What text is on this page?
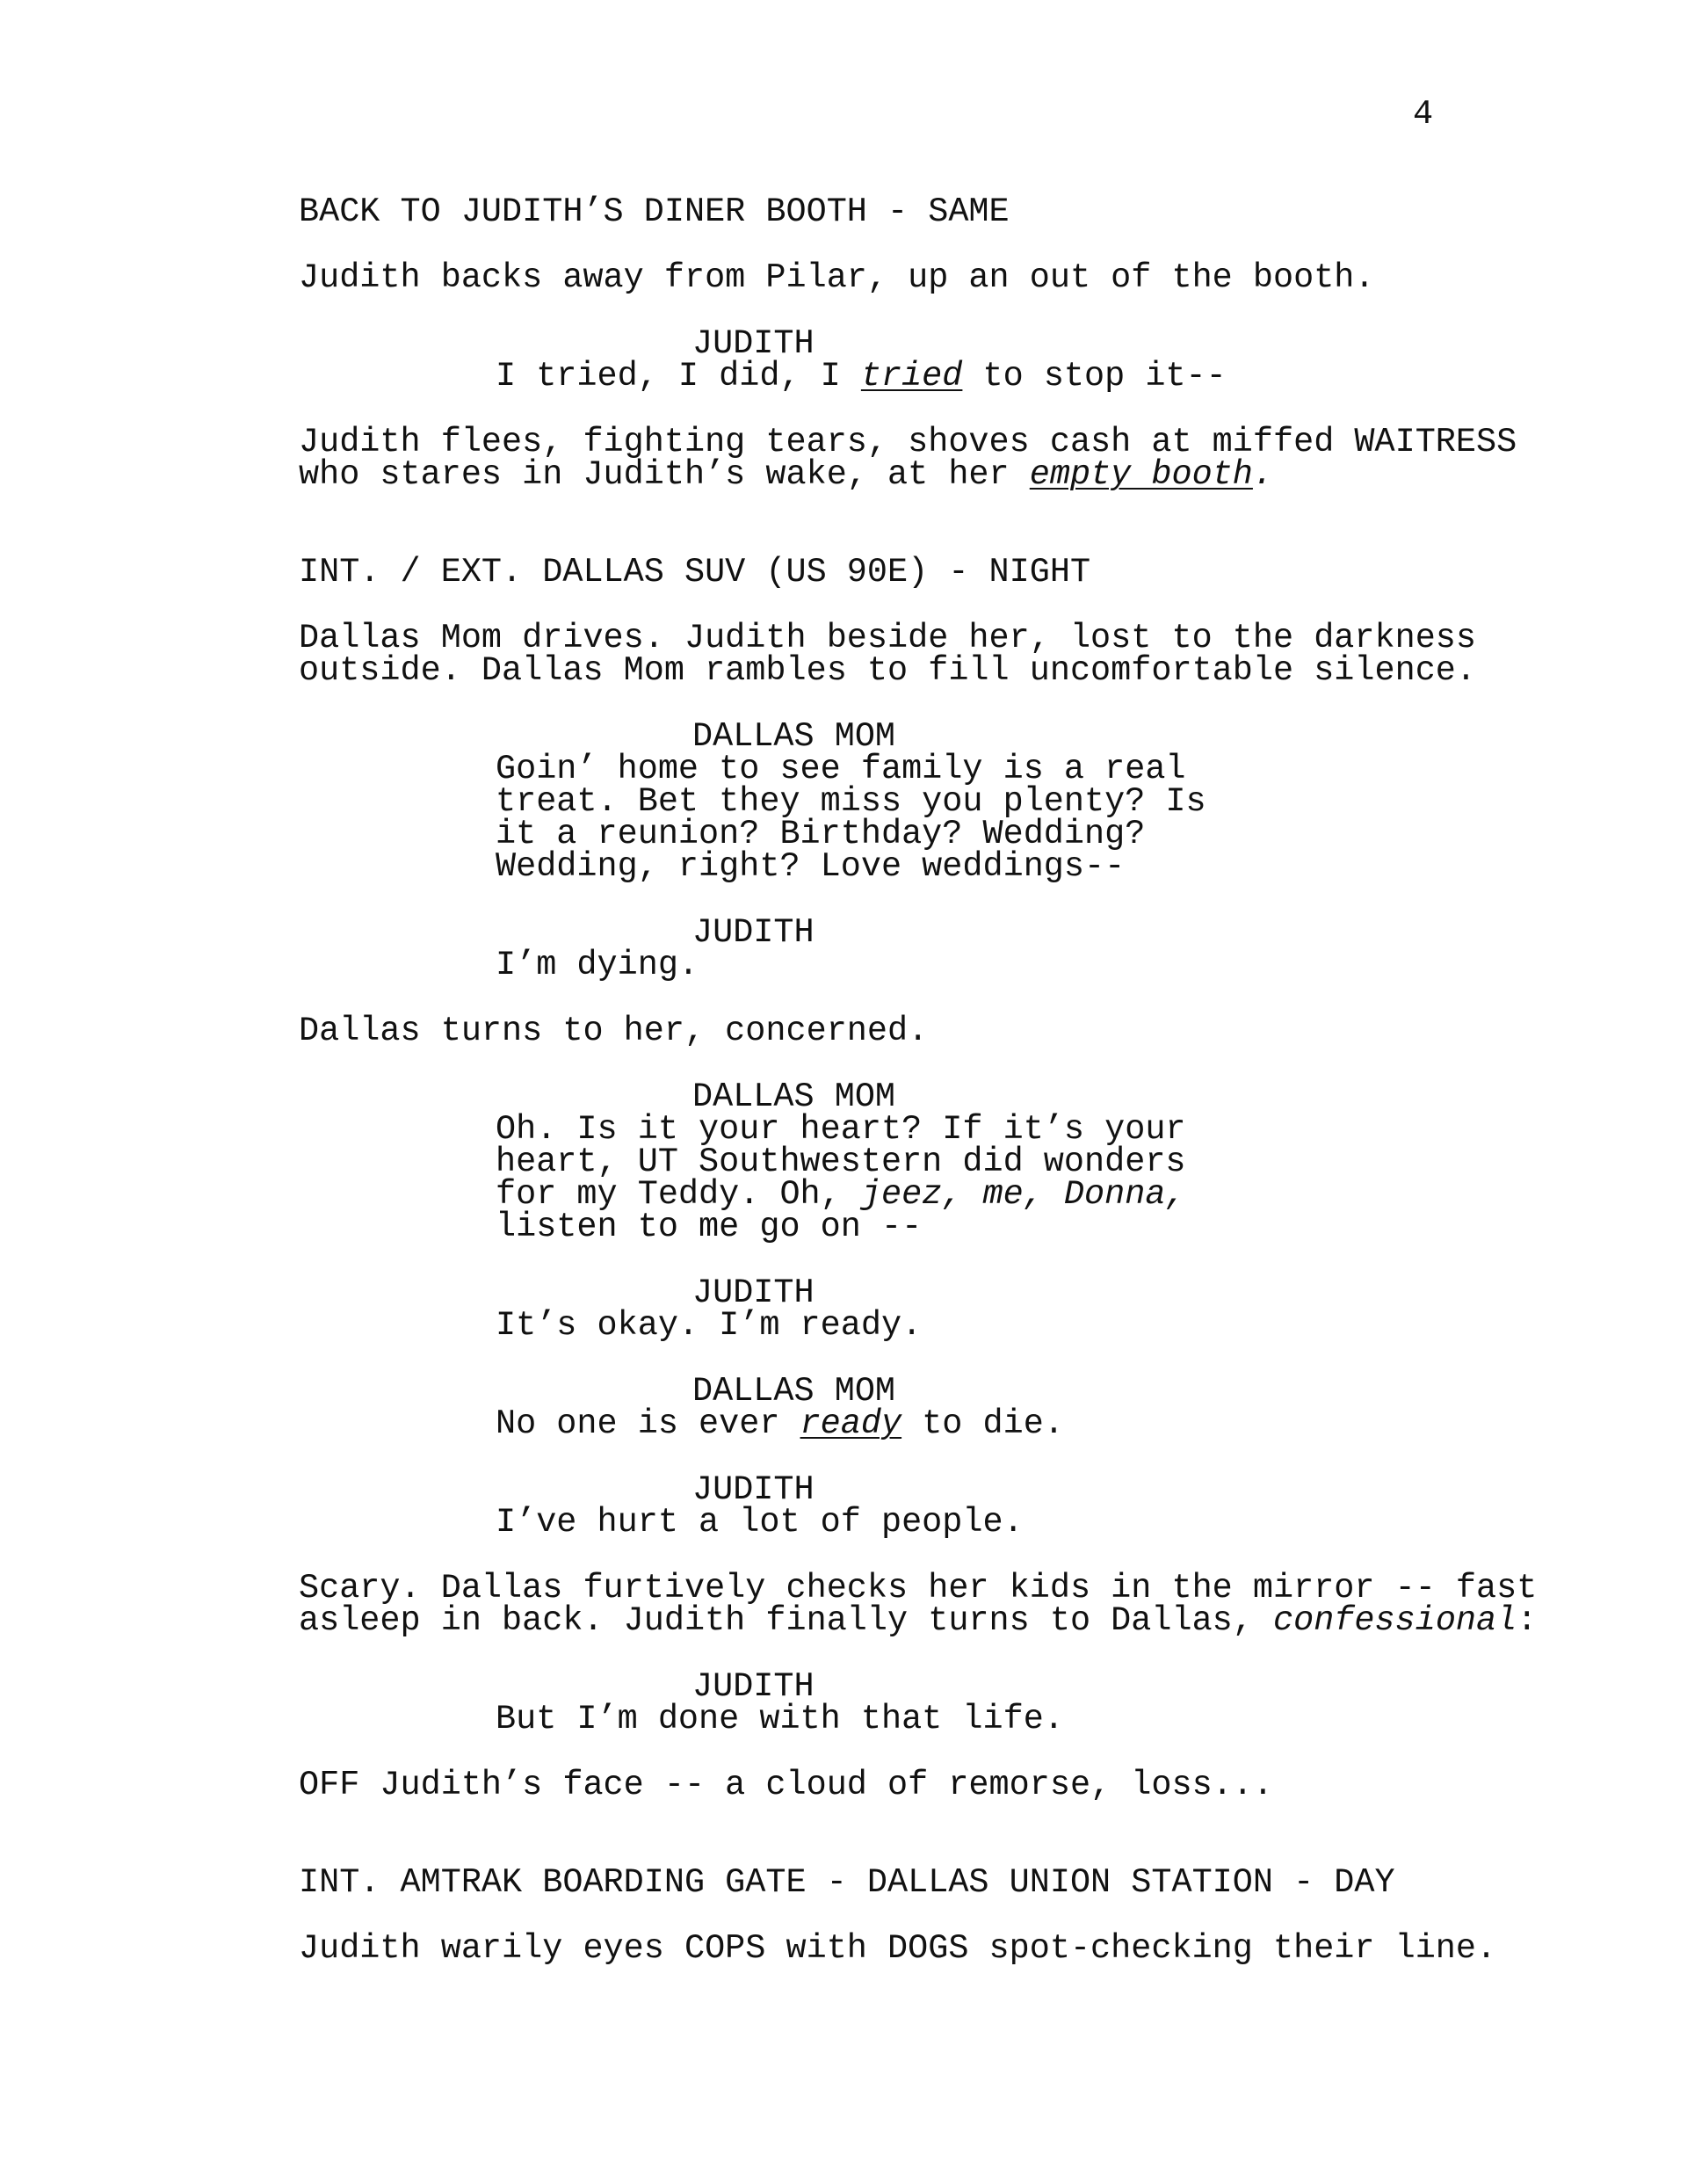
4
BACK TO JUDITH’S DINER BOOTH - SAME
Judith backs away from Pilar, up an out of the booth.
JUDITH
I tried, I did, I tried to stop it--
Judith flees, fighting tears, shoves cash at miffed WAITRESS
who stares in Judith’s wake, at her empty booth.
INT. / EXT. DALLAS SUV (US 90E) - NIGHT
Dallas Mom drives. Judith beside her, lost to the darkness
outside. Dallas Mom rambles to fill uncomfortable silence.
DALLAS MOM
Goin’ home to see family is a real
treat. Bet they miss you plenty? Is
it a reunion? Birthday? Wedding?
Wedding, right? Love weddings--
JUDITH
I’m dying.
Dallas turns to her, concerned.
DALLAS MOM
Oh. Is it your heart? If it’s your
heart, UT Southwestern did wonders
for my Teddy. Oh, jeez, me, Donna,
listen to me go on --
JUDITH
It’s okay. I’m ready.
DALLAS MOM
No one is ever ready to die.
JUDITH
I’ve hurt a lot of people.
Scary. Dallas furtively checks her kids in the mirror -- fast
asleep in back. Judith finally turns to Dallas, confessional:
JUDITH
But I’m done with that life.
OFF Judith’s face -- a cloud of remorse, loss...
INT. AMTRAK BOARDING GATE - DALLAS UNION STATION - DAY
Judith warily eyes COPS with DOGS spot-checking their line.
